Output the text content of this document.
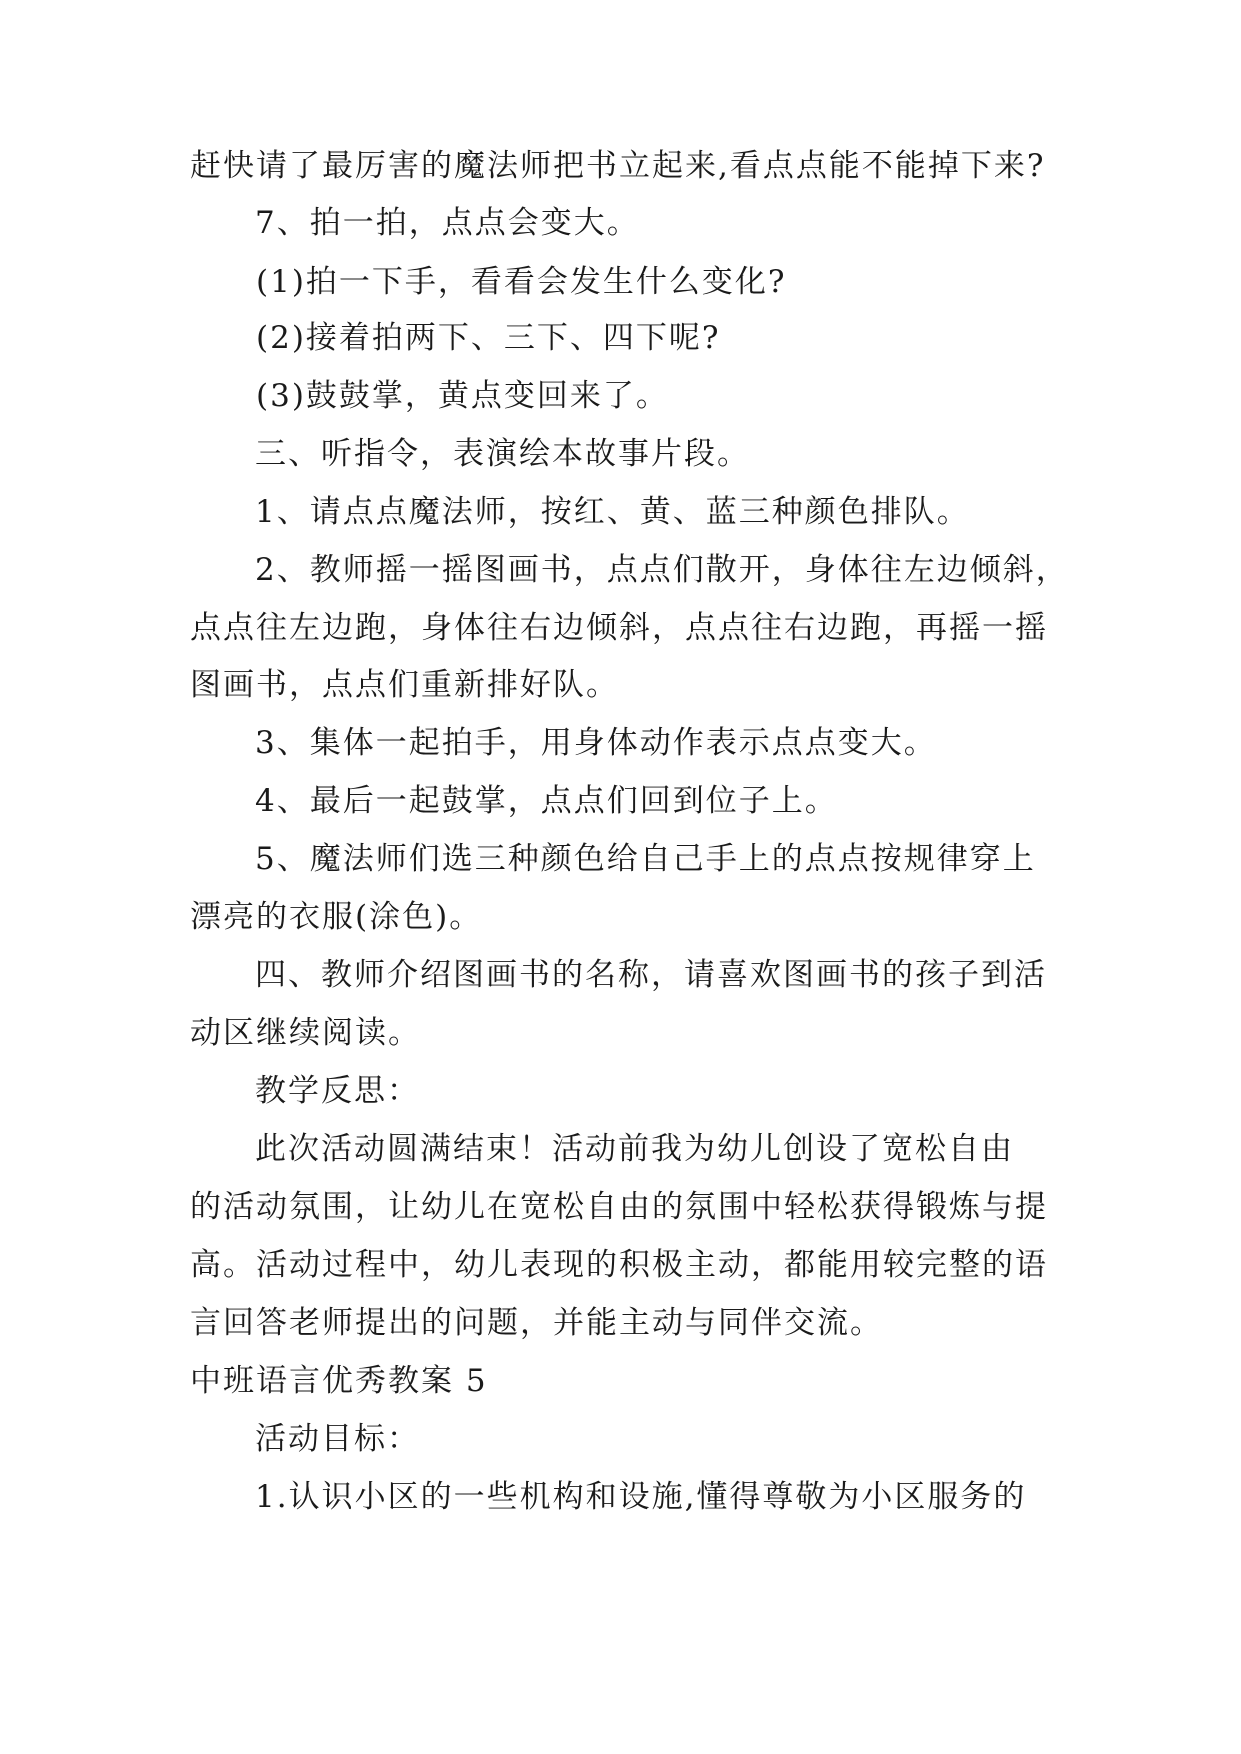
赶快请了最厉害的魔法师把书立起来,看点点能不能掉下来?
7、拍一拍，点点会变大。
(1)拍一下手，看看会发生什么变化?
(2)接着拍两下、三下、四下呢?
(3)鼓鼓掌，黄点变回来了。
三、听指令，表演绘本故事片段。
1、请点点魔法师，按红、黄、蓝三种颜色排队。
2、教师摇一摇图画书，点点们散开，身体往左边倾斜，
点点往左边跑，身体往右边倾斜，点点往右边跑，再摇一摇
图画书，点点们重新排好队。
3、集体一起拍手，用身体动作表示点点变大。
4、最后一起鼓掌，点点们回到位子上。
5、魔法师们选三种颜色给自己手上的点点按规律穿上
漂亮的衣服(涂色)。
四、教师介绍图画书的名称，请喜欢图画书的孩子到活
动区继续阅读。
教学反思：
此次活动圆满结束！活动前我为幼儿创设了宽松自由
的活动氛围，让幼儿在宽松自由的氛围中轻松获得锻炼与提
高。活动过程中，幼儿表现的积极主动，都能用较完整的语
言回答老师提出的问题，并能主动与同伴交流。
中班语言优秀教案 5
活动目标：
1.认识小区的一些机构和设施,懂得尊敬为小区服务的
